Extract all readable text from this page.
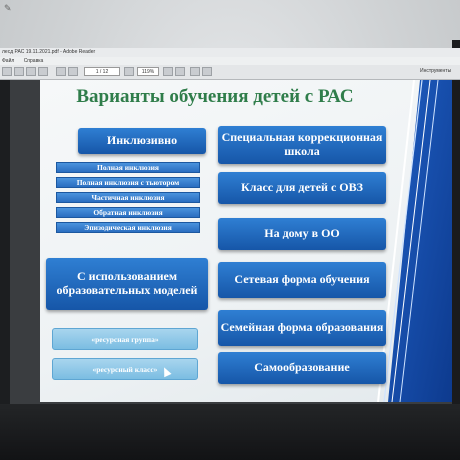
✎
лесд РАС 19.11.2021.pdf - Adobe Reader
Файл Справка
1 / 12	119%	Инструменты
Варианты обучения детей с РАС
Инклюзивно
Полная инклюзия
Полная инклюзия с тьютором
Частичная инклюзия
Обратная инклюзия
Эпизодическая инклюзия
С использованием образовательных моделей
«ресурсная группа»
«ресурсный класс»
Специальная коррекционная школа
Класс для детей с ОВЗ
На дому в ОО
Сетевая форма обучения
Семейная форма образования
Самообразование
